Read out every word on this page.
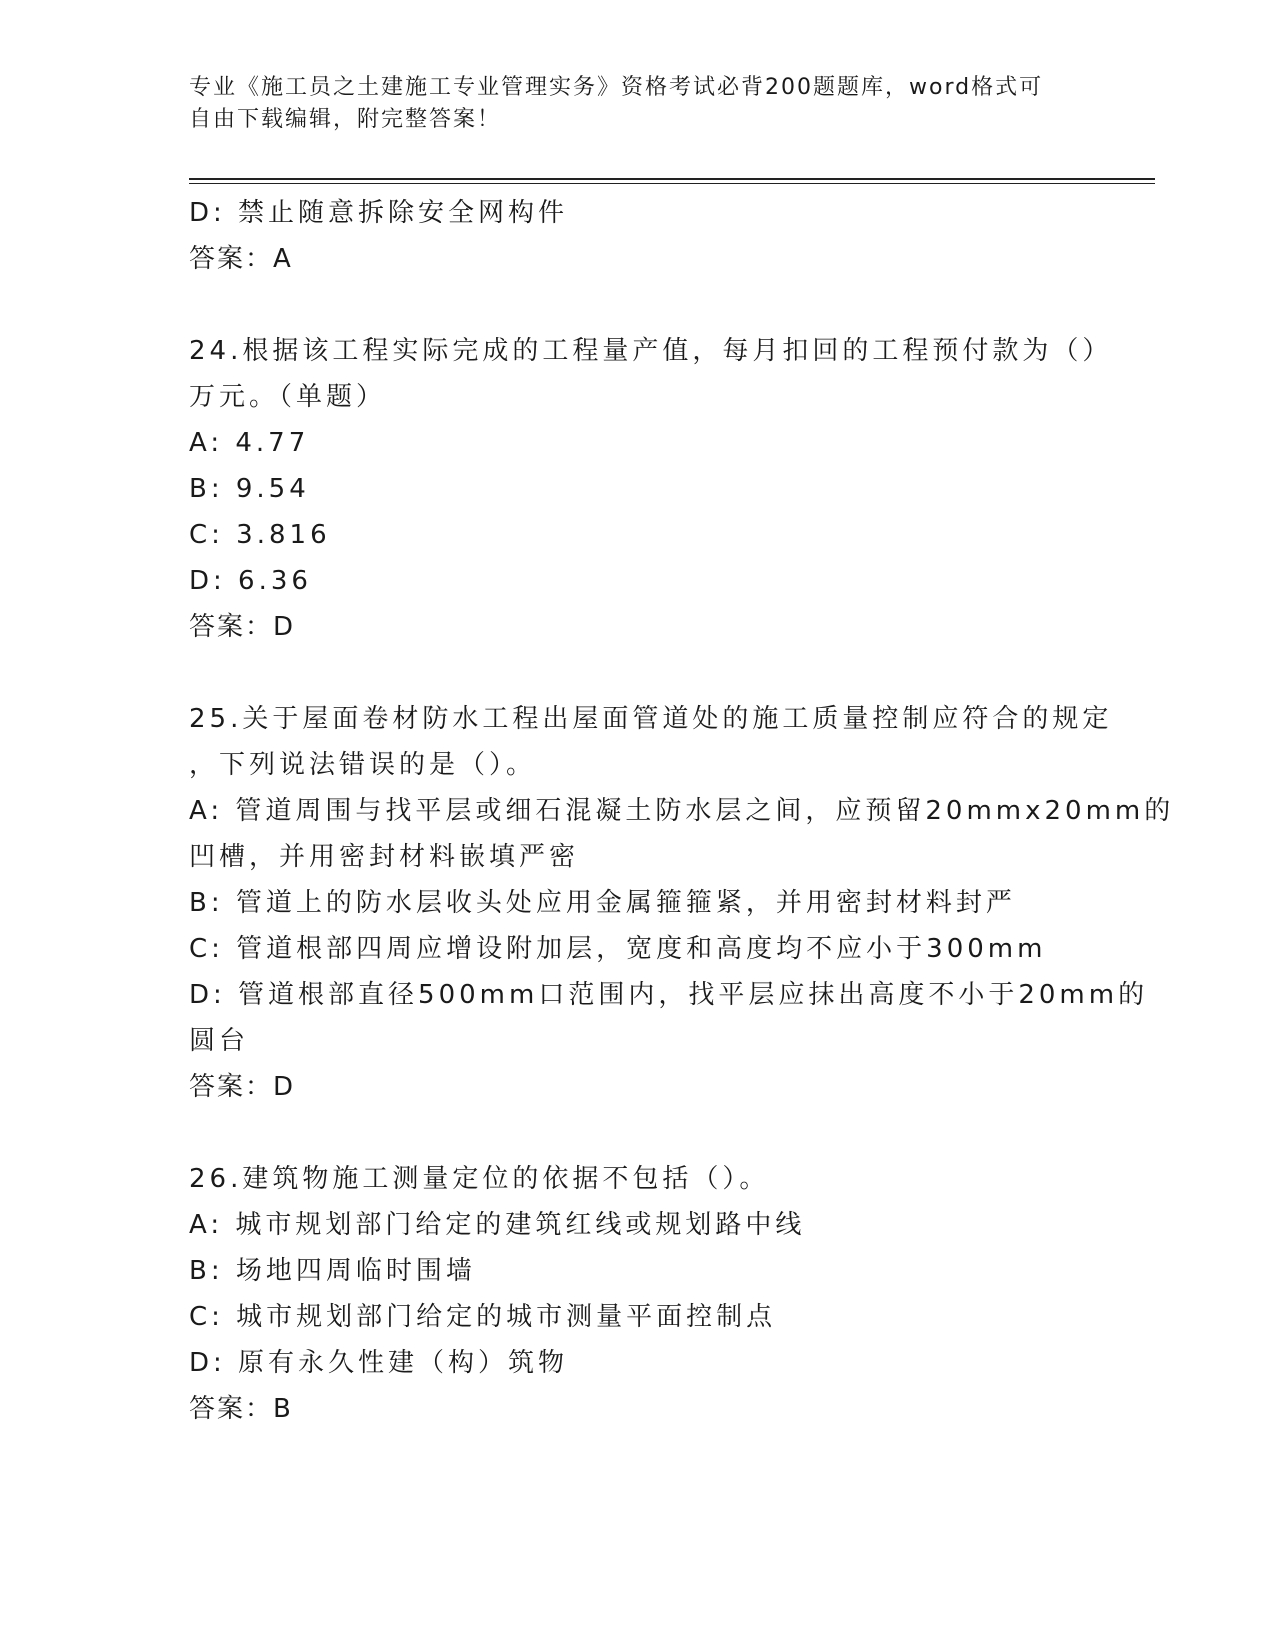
专业《施工员之土建施工专业管理实务》资格考试必背200题题库，word格式可
自由下载编辑，附完整答案！
D: 禁止随意拆除安全网构件
答案：A
24.根据该工程实际完成的工程量产值，每月扣回的工程预付款为（）
万元。（单题）
A: 4.77
B: 9.54
C: 3.816
D: 6.36
答案：D
25.关于屋面卷材防水工程出屋面管道处的施工质量控制应符合的规定
，下列说法错误的是（）。
A: 管道周围与找平层或细石混凝土防水层之间，应预留20mmx20mm的
凹槽，并用密封材料嵌填严密
B: 管道上的防水层收头处应用金属箍箍紧，并用密封材料封严
C: 管道根部四周应增设附加层，宽度和高度均不应小于300mm
D: 管道根部直径500mm口范围内，找平层应抹出高度不小于20mm的
圆台
答案：D
26.建筑物施工测量定位的依据不包括（）。
A: 城市规划部门给定的建筑红线或规划路中线
B: 场地四周临时围墙
C: 城市规划部门给定的城市测量平面控制点
D: 原有永久性建（构）筑物
答案：B
